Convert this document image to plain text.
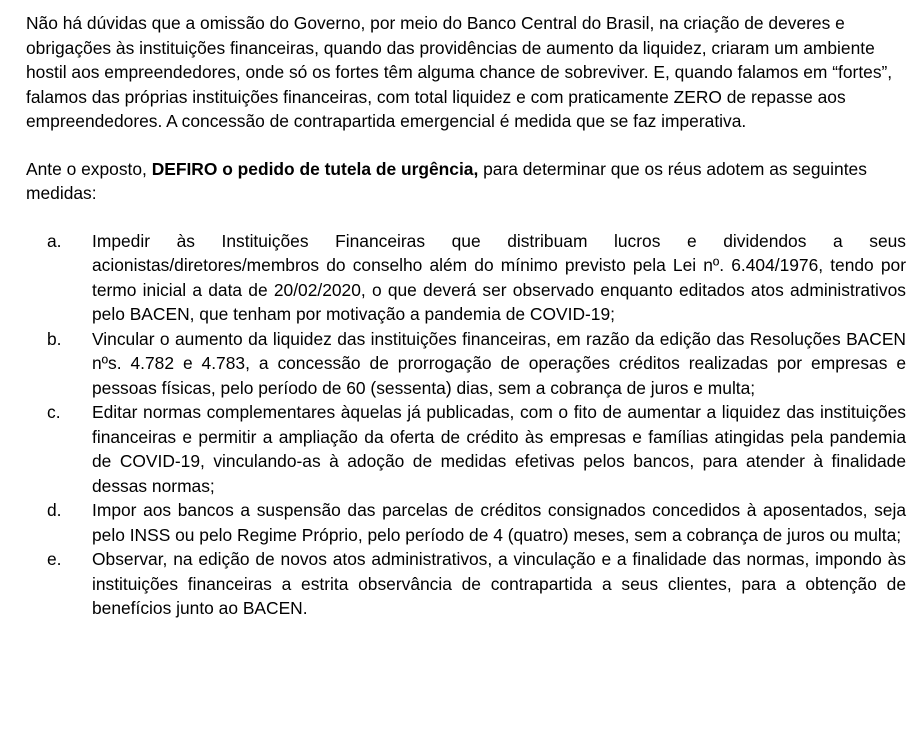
Não há dúvidas que a omissão do Governo, por meio do Banco Central do Brasil, na criação de deveres e obrigações às instituições financeiras, quando das providências de aumento da liquidez, criaram um ambiente hostil aos empreendedores, onde só os fortes têm alguma chance de sobreviver. E, quando falamos em “fortes”, falamos das próprias instituições financeiras, com total liquidez e com praticamente ZERO de repasse aos empreendedores. A concessão de contrapartida emergencial é medida que se faz imperativa.

Ante o exposto, DEFIRO o pedido de tutela de urgência, para determinar que os réus adotem as seguintes medidas:

a. Impedir às Instituições Financeiras que distribuam lucros e dividendos a seus acionistas/diretores/membros do conselho além do mínimo previsto pela Lei nº. 6.404/1976, tendo por termo inicial a data de 20/02/2020, o que deverá ser observado enquanto editados atos administrativos pelo BACEN, que tenham por motivação a pandemia de COVID-19;
b. Vincular o aumento da liquidez das instituições financeiras, em razão da edição das Resoluções BACEN nºs. 4.782 e 4.783, a concessão de prorrogação de operações créditos realizadas por empresas e pessoas físicas, pelo período de 60 (sessenta) dias, sem a cobrança de juros e multa;
c. Editar normas complementares àquelas já publicadas, com o fito de aumentar a liquidez das instituições financeiras e permitir a ampliação da oferta de crédito às empresas e famílias atingidas pela pandemia de COVID-19, vinculando-as à adoção de medidas efetivas pelos bancos, para atender à finalidade dessas normas;
d. Impor aos bancos a suspensão das parcelas de créditos consignados concedidos à aposentados, seja pelo INSS ou pelo Regime Próprio, pelo período de 4 (quatro) meses, sem a cobrança de juros ou multa;
e. Observar, na edição de novos atos administrativos, a vinculação e a finalidade das normas, impondo às instituições financeiras a estrita observância de contrapartida a seus clientes, para a obtenção de benefícios junto ao BACEN.
